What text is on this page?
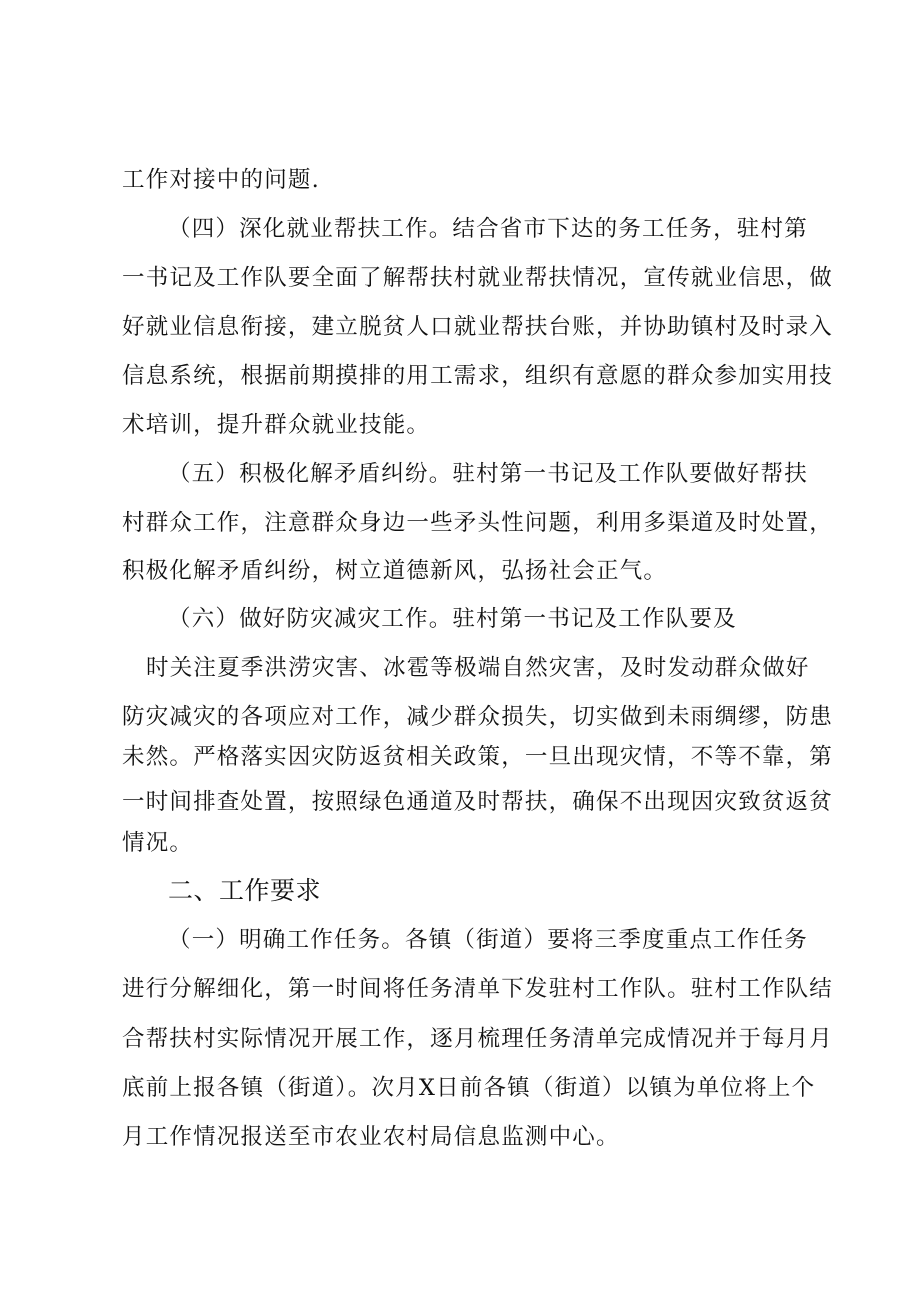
工作对接中的问题.
（四）深化就业帮扶工作。结合省市下达的务工任务，驻村第
一书记及工作队要全面了解帮扶村就业帮扶情况，宣传就业信思，做
好就业信息衔接，建立脱贫人口就业帮扶台账，并协助镇村及时录入
信息系统，根据前期摸排的用工需求，组织有意愿的群众参加实用技
术培训，提升群众就业技能。
（五）积极化解矛盾纠纷。驻村第一书记及工作队要做好帮扶
村群众工作，注意群众身边一些矛头性问题，利用多渠道及时处置，
积极化解矛盾纠纷，树立道德新风，弘扬社会正气。
（六）做好防灾减灾工作。驻村第一书记及工作队要及
时关注夏季洪涝灾害、冰雹等极端自然灾害，及时发动群众做好
防灾减灾的各项应对工作，减少群众损失，切实做到未雨绸缪，防患
未然。严格落实因灾防返贫相关政策，一旦出现灾情，不等不靠，第
一时间排查处置，按照绿色通道及时帮扶，确保不出现因灾致贫返贫
情况。
二、工作要求
（一）明确工作任务。各镇（街道）要将三季度重点工作任务
进行分解细化，第一时间将任务清单下发驻村工作队。驻村工作队结
合帮扶村实际情况开展工作，逐月梳理任务清单完成情况并于每月月
底前上报各镇（街道）。次月X日前各镇（街道）以镇为单位将上个
月工作情况报送至市农业农村局信息监测中心。
